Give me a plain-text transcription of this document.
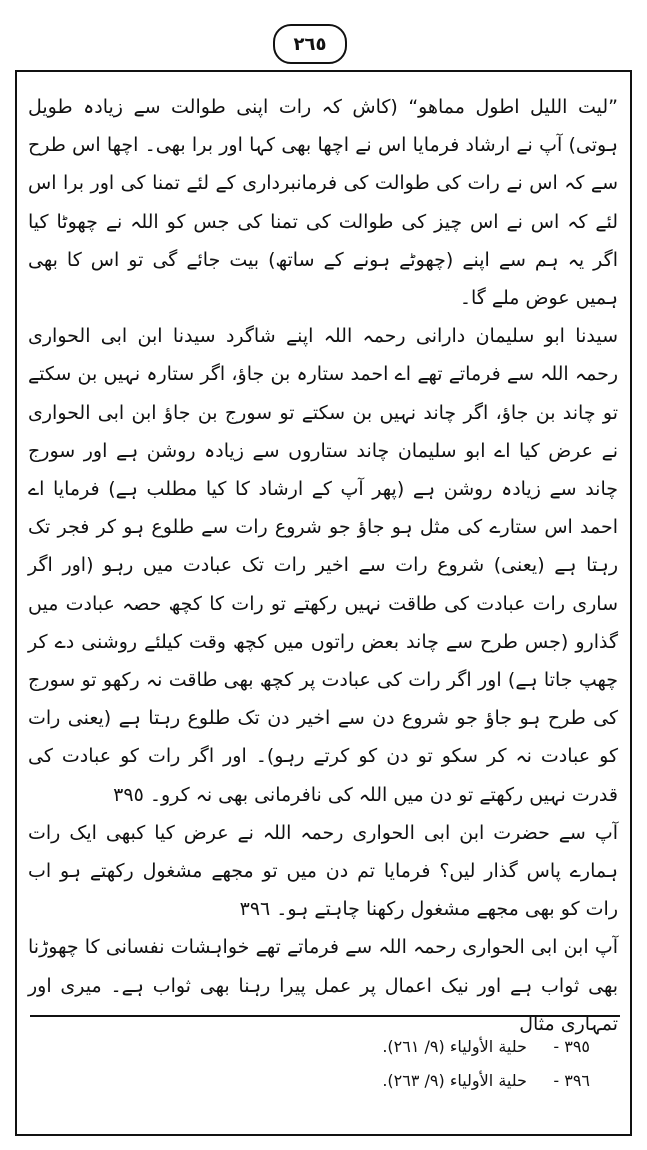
٢٦٥

”لیت اللیل اطول مماھو“ (کاش کہ رات اپنی طوالت سے زیادہ طویل ہوتی) آپ نے ارشاد فرمایا اس نے اچھا بھی کہا اور برا بھی۔ اچھا اس طرح سے کہ اس نے رات کی طوالت کی فرمانبرداری کے لئے تمنا کی اور برا اس لئے کہ اس نے اس چیز کی طوالت کی تمنا کی جس کو اللہ نے چھوٹا کیا اگر یہ ہم سے اپنے (چھوٹے ہونے کے ساتھ) بیت جائے گی تو اس کا بھی ہمیں عوض ملے گا۔

سیدنا ابو سلیمان دارانی رحمہ اللہ اپنے شاگرد سیدنا ابن ابی الحواری رحمہ اللہ سے فرماتے تھے اے احمد ستارہ بن جاؤ، اگر ستارہ نہیں بن سکتے تو چاند بن جاؤ، اگر چاند نہیں بن سکتے تو سورج بن جاؤ ابن ابی الحواری نے عرض کیا اے ابو سلیمان چاند ستاروں سے زیادہ روشن ہے اور سورج چاند سے زیادہ روشن ہے (پھر آپ کے ارشاد کا کیا مطلب ہے) فرمایا اے احمد اس ستارے کی مثل ہو جاؤ جو شروع رات سے طلوع ہو کر فجر تک رہتا ہے (یعنی) شروع رات سے اخیر رات تک عبادت میں رہو (اور اگر ساری رات عبادت کی طاقت نہیں رکھتے تو رات کا کچھ حصہ عبادت میں گذارو (جس طرح سے چاند بعض راتوں میں کچھ وقت کیلئے روشنی دے کر چھپ جاتا ہے) اور اگر رات کی عبادت پر کچھ بھی طاقت نہ رکھو تو سورج کی طرح ہو جاؤ جو شروع دن سے اخیر دن تک طلوع رہتا ہے (یعنی رات کو عبادت نہ کر سکو تو دن کو کرتے رہو)۔ اور اگر رات کو عبادت کی قدرت نہیں رکھتے تو دن میں اللہ کی نافرمانی بھی نہ کرو۔ ٣٩٥

آپ سے حضرت ابن ابی الحواری رحمہ اللہ نے عرض کیا کبھی ایک رات ہمارے پاس گذار لیں؟ فرمایا تم دن میں تو مجھے مشغول رکھتے ہو اب رات کو بھی مجھے مشغول رکھنا چاہتے ہو۔ ٣٩٦

آپ ابن ابی الحواری رحمہ اللہ سے فرماتے تھے خواہشات نفسانی کا چھوڑنا بھی ثواب ہے اور نیک اعمال پر عمل پیرا رہنا بھی ثواب ہے۔ میری اور تمہاری مثال

٣٩٥ - حلیة الأولیاء (٩/ ٢٦١).
٣٩٦ - حلیة الأولیاء (٩/ ٢٦٣).
